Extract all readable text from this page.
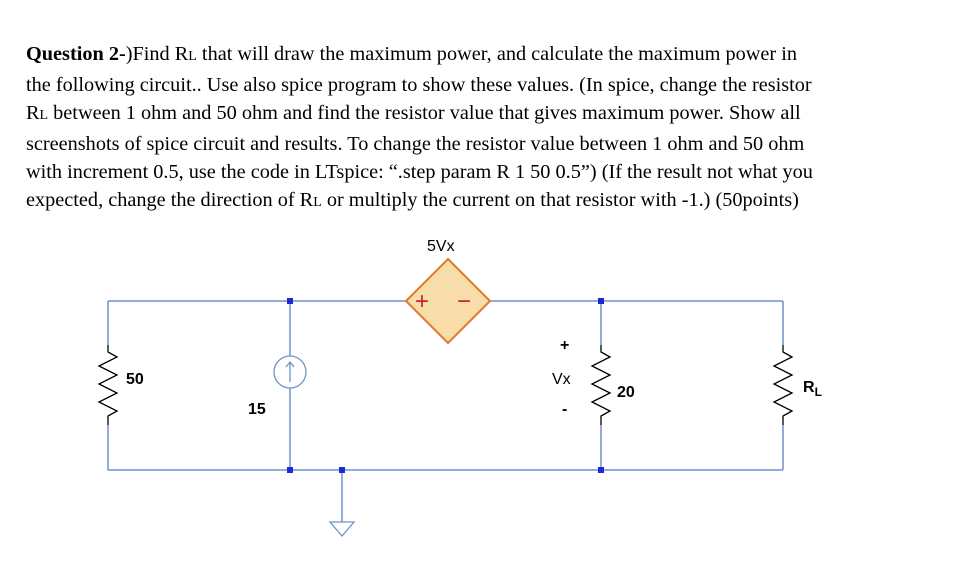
Question 2-)Find RL that will draw the maximum power, and calculate the maximum power in
the following circuit.. Use also spice program to show these values. (In spice, change the resistor
RL between 1 ohm and 50 ohm and find the resistor value that gives maximum power. Show all
screenshots of spice circuit and results. To change the resistor value between 1 ohm and 50 ohm
with increment 0.5, use the code in LTspice: “.step param R 1 50 0.5”) (If the result not what you
expected, change the direction of RL or multiply the current on that resistor with -1.) (50points)
+ −
5Vx
50
15
+
Vx
-
20	$R_L$
